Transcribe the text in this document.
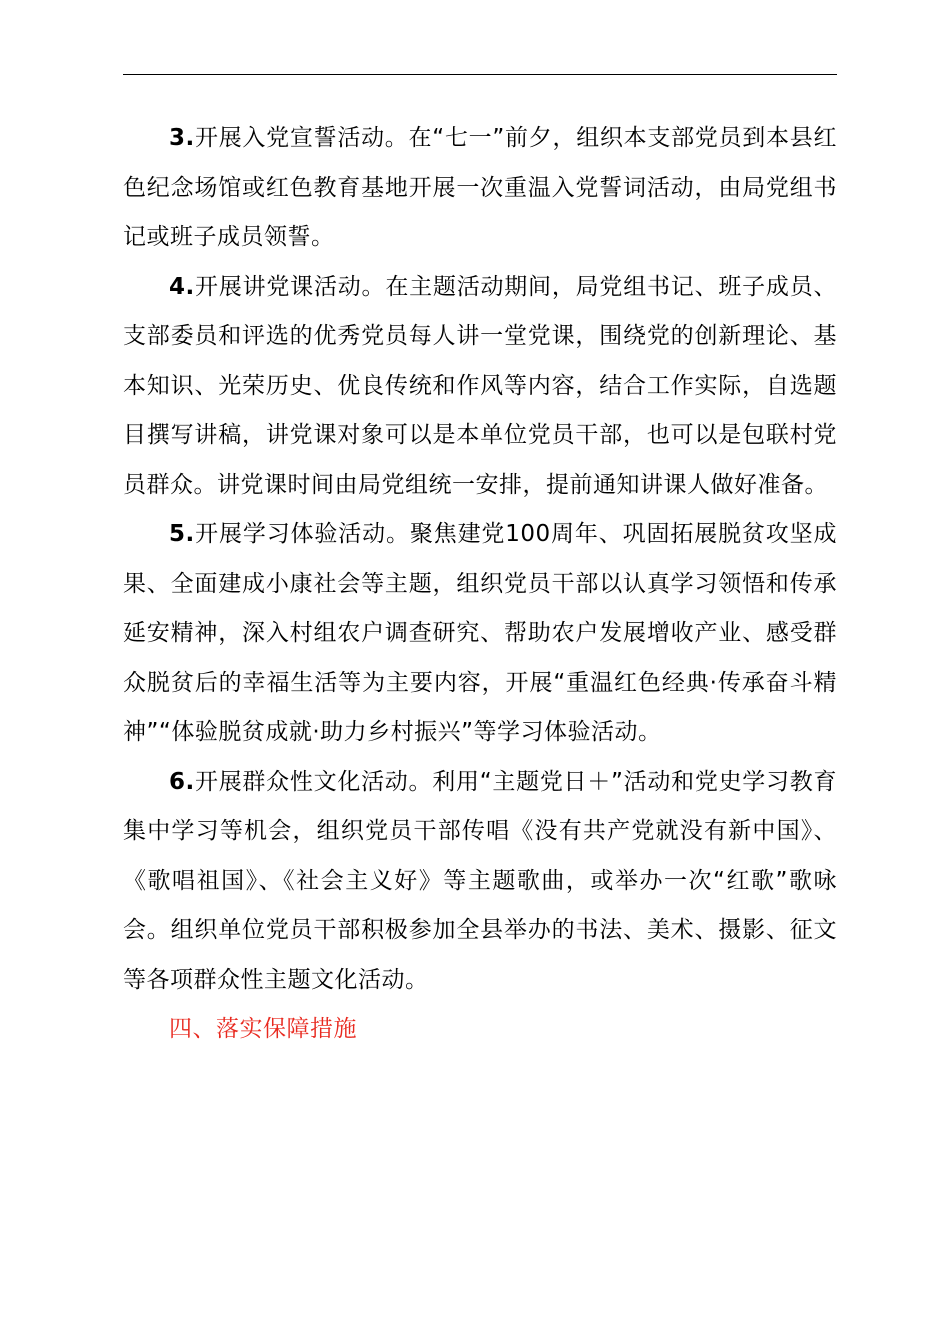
3.开展入党宣誓活动。在“七一”前夕，组织本支部党员到本县红色纪念场馆或红色教育基地开展一次重温入党誓词活动，由局党组书记或班子成员领誓。

4.开展讲党课活动。在主题活动期间，局党组书记、班子成员、支部委员和评选的优秀党员每人讲一堂党课，围绕党的创新理论、基本知识、光荣历史、优良传统和作风等内容，结合工作实际，自选题目撰写讲稿，讲党课对象可以是本单位党员干部，也可以是包联村党员群众。讲党课时间由局党组统一安排，提前通知讲课人做好准备。

5.开展学习体验活动。聚焦建党100周年、巩固拓展脱贫攻坚成果、全面建成小康社会等主题，组织党员干部以认真学习领悟和传承延安精神，深入村组农户调查研究、帮助农户发展增收产业、感受群众脱贫后的幸福生活等为主要内容，开展“重温红色经典·传承奋斗精神”“体验脱贫成就·助力乡村振兴”等学习体验活动。

6.开展群众性文化活动。利用“主题党日＋”活动和党史学习教育集中学习等机会，组织党员干部传唱《没有共产党就没有新中国》、《歌唱祖国》、《社会主义好》等主题歌曲，或举办一次“红歌”歌咏会。组织单位党员干部积极参加全县举办的书法、美术、摄影、征文等各项群众性主题文化活动。

四、落实保障措施
